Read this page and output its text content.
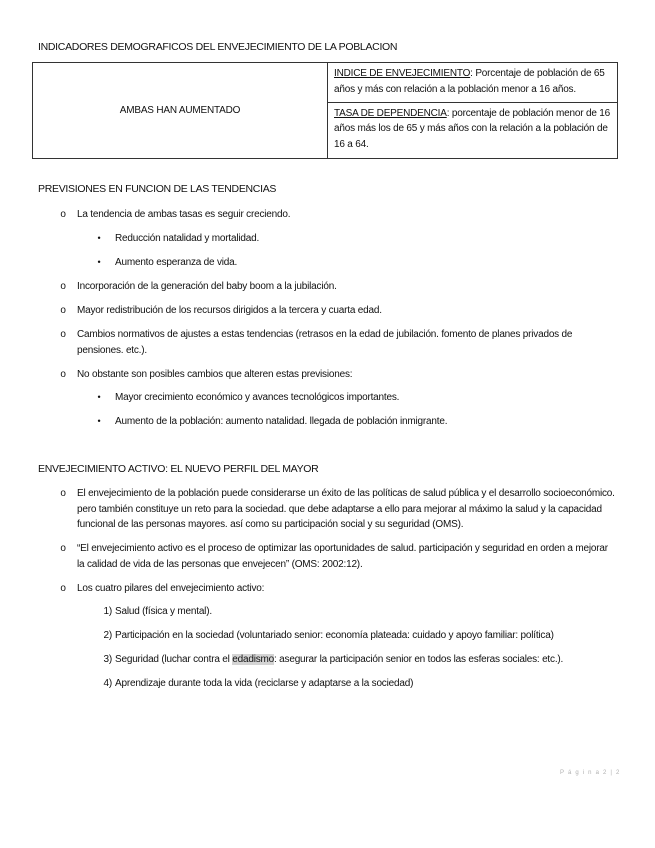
INDICADORES DEMOGRAFICOS DEL ENVEJECIMIENTO DE LA POBLACION
AMBAS HAN AUMENTADO	INDICE DE ENVEJECIMIENTO: Porcentaje de población de 65 años y más con relación a la población menor a 16 años.
TASA DE DEPENDENCIA: porcentaje de población menor de 16 años más los de 65 y más años con la relación a la población de 16 a 64.
PREVISIONES EN FUNCION DE LAS TENDENCIAS
o	La tendencia de ambas tasas es seguir creciendo.
•	Reducción natalidad y mortalidad.
•	Aumento esperanza de vida.
o	Incorporación de la generación del baby boom a la jubilación.
o	Mayor redistribución de los recursos dirigidos a la tercera y cuarta edad.
o	Cambios normativos de ajustes a estas tendencias (retrasos en la edad de jubilación. fomento de planes privados de pensiones. etc.).
o	No obstante son posibles cambios que alteren estas previsiones:
•	Mayor crecimiento económico y avances tecnológicos importantes.
•	Aumento de la población: aumento natalidad. llegada de población inmigrante.
ENVEJECIMIENTO ACTIVO: EL NUEVO PERFIL DEL MAYOR
o	El envejecimiento de la población puede considerarse un éxito de las políticas de salud pública y el desarrollo socioeconómico. pero también constituye un reto para la sociedad. que debe adaptarse a ello para mejorar al máximo la salud y la capacidad funcional de las personas mayores. así como su participación social y su seguridad (OMS).
o	“El envejecimiento activo es el proceso de optimizar las oportunidades de salud. participación y seguridad en orden a mejorar la calidad de vida de las personas que envejecen” (OMS: 2002:12).
o	Los cuatro pilares del envejecimiento activo:
1) Salud (física y mental).
2) Participación en la sociedad (voluntariado senior: economía plateada: cuidado y apoyo familiar: política)
3) Seguridad (luchar contra el edadismo: asegurar la participación senior en todos las esferas sociales: etc.).
4) Aprendizaje durante toda la vida (reciclarse y adaptarse a la sociedad)
P á g i n a 2 | 2
